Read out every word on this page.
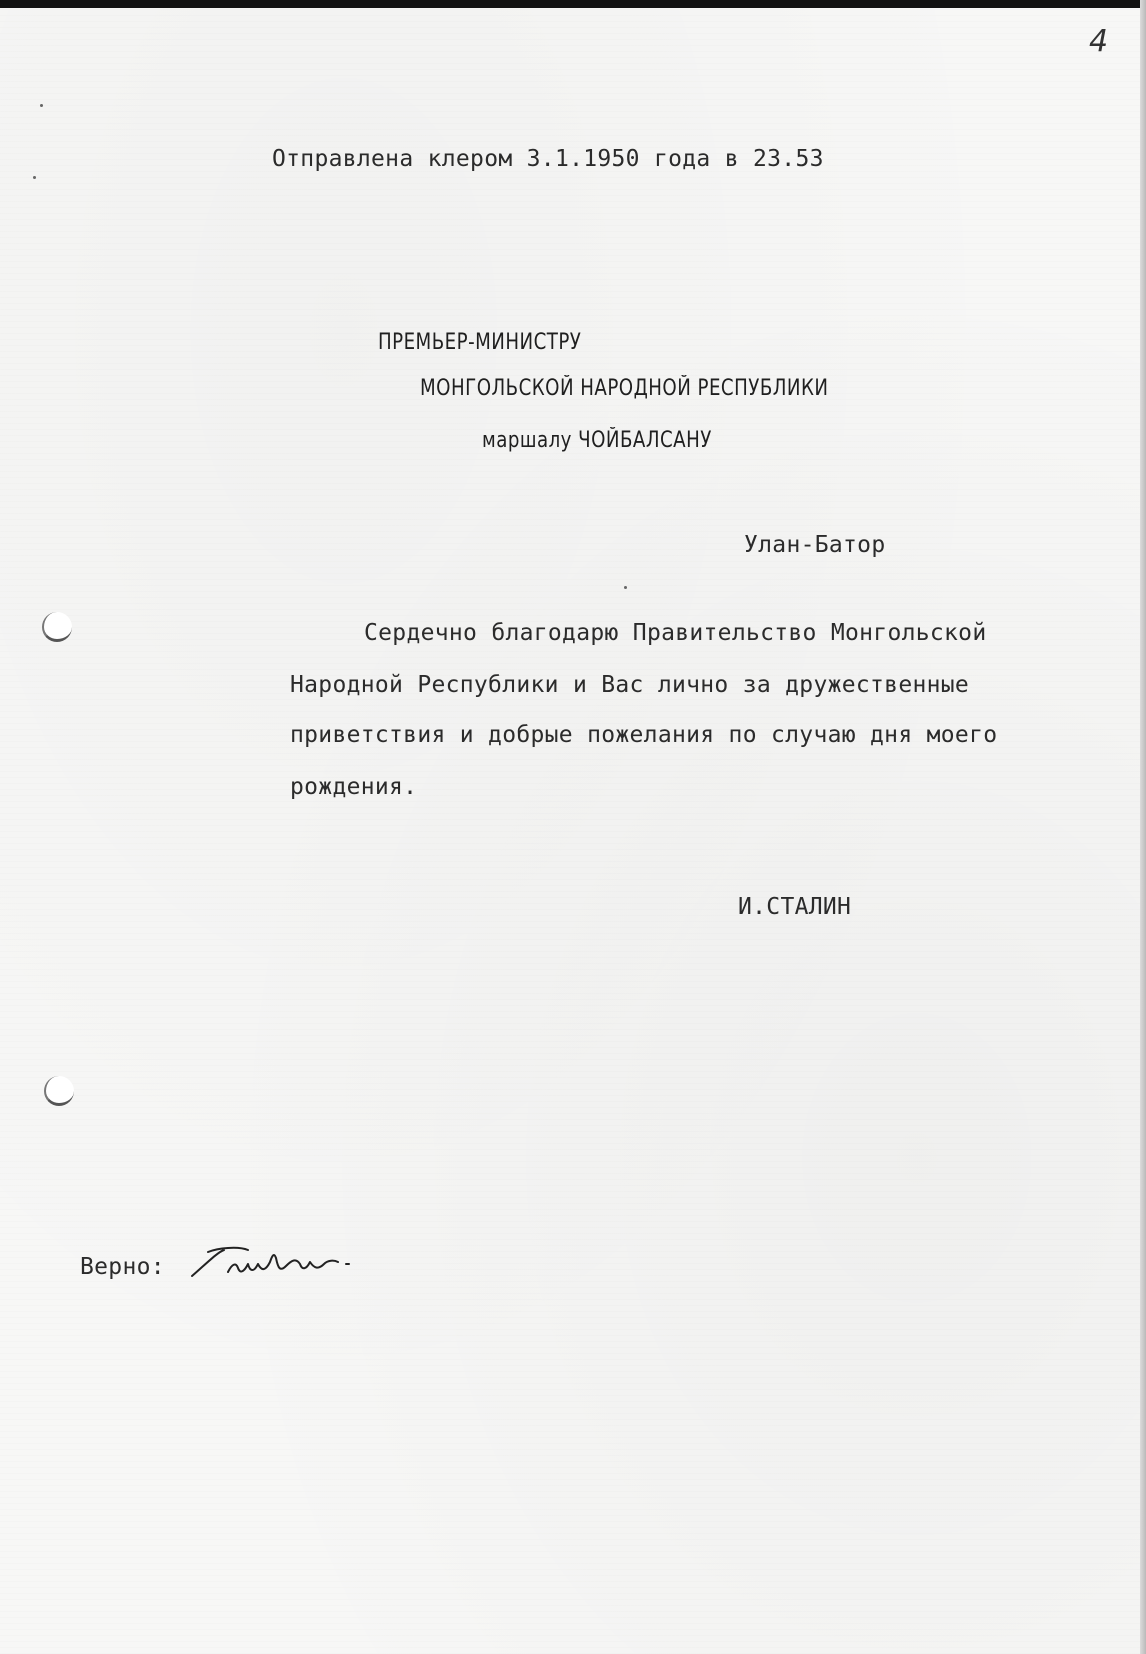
4
Отправлена клером 3.1.1950 года в 23.53
ПРЕМЬЕР-МИНИСТРУ
МОНГОЛЬСКОЙ НАРОДНОЙ РЕСПУБЛИКИ
маршалу ЧОЙБАЛСАНУ
Улан-Батор
Сердечно благодарю Правительство Монгольской
Народной Республики и Вас лично за дружественные
приветствия и добрые пожелания по случаю дня моего
рождения.
И.СТАЛИН
Верно:
